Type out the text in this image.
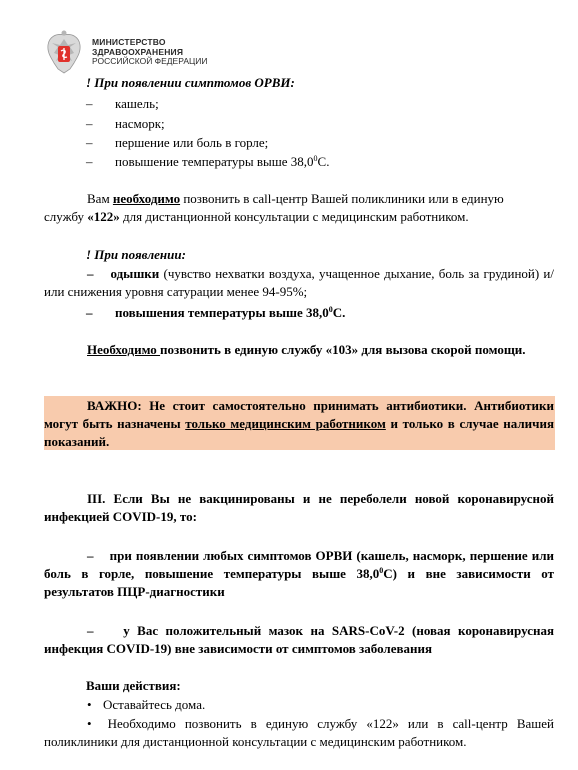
МИНИСТЕРСТВО
ЗДРАВООХРАНЕНИЯ
РОССИЙСКОЙ ФЕДЕРАЦИИ
! При появлении симптомов ОРВИ:
– кашель;
– насморк;
– першение или боль в горле;
– повышение температуры выше 38,0$^0$С.
Вам необходимо позвонить в call-центр Вашей поликлиники или в единую
службу «122» для дистанционной консультации с медицинским работником.
! При появлении:
– одышки (чувство нехватки воздуха, учащенное дыхание, боль за грудиной) и/или снижения уровня сатурации менее 94-95%;
– повышения температуры выше 38,0$^0$С.
Необходимо позвонить в единую службу «103» для вызова скорой помощи.
ВАЖНО: Не стоит самостоятельно принимать антибиотики. Антибиотики могут быть назначены только медицинским работником и только в случае наличия показаний.
III. Если Вы не вакцинированы и не переболели новой коронавирусной инфекцией COVID-19, то:
–    при появлении любых симптомов ОРВИ (кашель, насморк, першение или боль в горле, повышение температуры выше 38,0$^0$С) и вне зависимости от результатов ПЦР-диагностики
–    у Вас положительный мазок на SARS-CoV-2 (новая коронавирусная инфекция COVID-19) вне зависимости от симптомов заболевания
Ваши действия:
• Оставайтесь дома.
• Необходимо позвонить в единую службу «122» или в call-центр Вашей поликлиники для дистанционной консультации с медицинским работником.
